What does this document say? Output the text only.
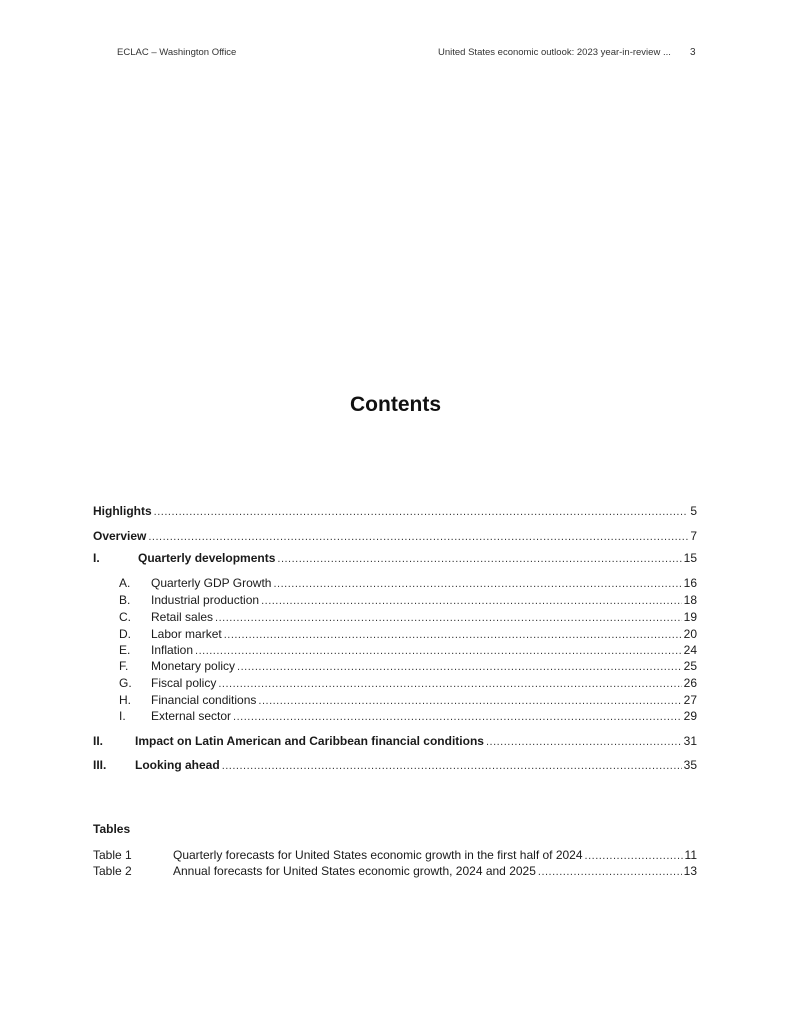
ECLAC – Washington Office	United States economic outlook: 2023 year-in-review ... 3
Contents
Highlights .....	5
Overview .....	7
I.	Quarterly developments .....	15
A.	Quarterly GDP Growth .....	16
B.	Industrial production .....	18
C.	Retail sales .....	19
D.	Labor market .....	20
E.	Inflation .....	24
F.	Monetary policy .....	25
G.	Fiscal policy .....	26
H.	Financial conditions .....	27
I.	External sector .....	29
II.	Impact on Latin American and Caribbean financial conditions .....	31
III.	Looking ahead .....	35
Table 1	Quarterly forecasts for United States economic growth in the first half of 2024 .....	11
Table 2	Annual forecasts for United States economic growth, 2024 and 2025 .....	13
Tables
